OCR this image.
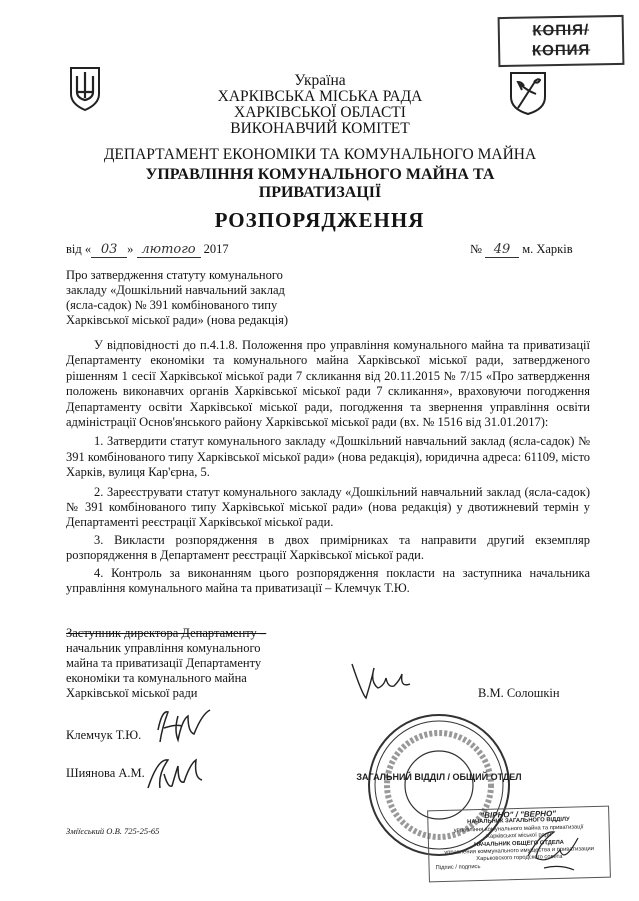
КОПІЯ/
КОПИЯ
Україна
ХАРКІВСЬКА МІСЬКА РАДА
ХАРКІВСЬКОЇ ОБЛАСТІ
ВИКОНАВЧИЙ КОМІТЕТ
ДЕПАРТАМЕНТ ЕКОНОМІКИ ТА КОМУНАЛЬНОГО МАЙНА
УПРАВЛІННЯ КОМУНАЛЬНОГО МАЙНА ТА
ПРИВАТИЗАЦІЇ
РОЗПОРЯДЖЕННЯ
від « 03 » лютого 2017	№ 49 м. Харків
Про затвердження статуту комунального
закладу «Дошкільний навчальний заклад
(ясла-садок) № 391 комбінованого типу
Харківської міської ради» (нова редакція)

У відповідності до п.4.1.8. Положення про управління комунального майна та приватизації Департаменту економіки та комунального майна Харківської міської ради, затвердженого рішенням 1 сесії Харківської міської ради 7 скликання від 20.11.2015 № 7/15 «Про затвердження положень виконавчих органів Харківської міської ради 7 скликання», враховуючи погодження Департаменту освіти Харківської міської ради, погодження та звернення управління освіти адміністрації Основ'янського району Харківської міської ради (вх. № 1516 від 31.01.2017):

1. Затвердити статут комунального закладу «Дошкільний навчальний заклад (ясла-садок) № 391 комбінованого типу Харківської міської ради» (нова редакція), юридична адреса: 61109, місто Харків, вулиця Кар'єрна, 5.

2. Зареєструвати статут комунального закладу «Дошкільний навчальний заклад (ясла-садок) № 391 комбінованого типу Харківської міської ради» (нова редакція) у двотижневий термін у Департаменті реєстрації Харківської міської ради.

3. Викласти розпорядження в двох примірниках та направити другий екземпляр розпорядження в Департамент реєстрації Харківської міської ради.

4. Контроль за виконанням цього розпорядження покласти на заступника начальника управління комунального майна та приватизації – Клемчук Т.Ю.

Заступник директора Департаменту –
начальник управління комунального
майна та приватизації Департаменту
економіки та комунального майна
Харківської міської ради	В.М. Солошкін
Клемчук Т.Ю.
Шиянова А.М.
Зміїєський О.В. 725-25-65
ЗАГАЛЬНИЙ ВІДДІЛ / ОБЩИЙ ОТДЕЛ
"ВІРНО" / "ВЕРНО"
НАЧАЛЬНИК ЗАГАЛЬНОГО ВІДДІЛУ
управління комунального майна та приватизації
Харківської міської ради
НАЧАЛЬНИК ОБЩЕГО ОТДЕЛА
управления коммунального имущества и приватизации
Харьковского городского совета
Підпис / подпись
